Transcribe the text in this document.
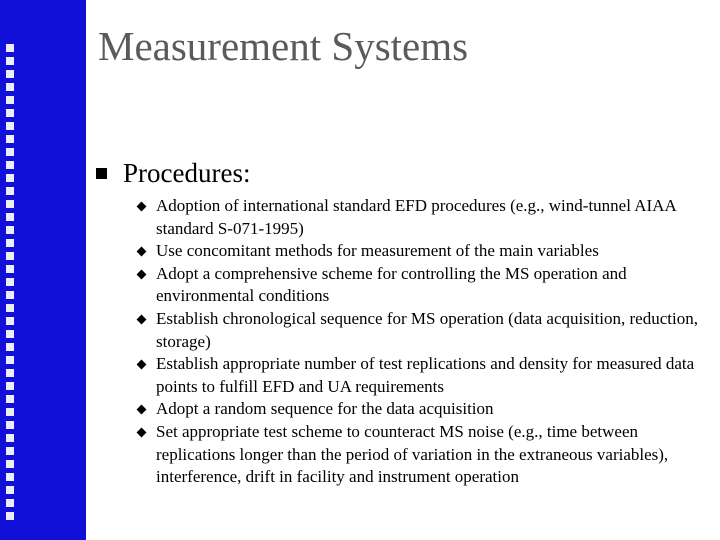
Measurement Systems
Procedures:
Adoption of international standard EFD procedures (e.g., wind-tunnel AIAA standard S-071-1995)
Use concomitant methods for measurement of the main variables
Adopt a comprehensive scheme for controlling the MS operation and environmental conditions
Establish chronological sequence for MS operation (data acquisition, reduction, storage)
Establish appropriate number of test replications and density for measured data points to fulfill EFD and UA requirements
Adopt a random sequence for the data acquisition
Set appropriate test scheme to counteract MS noise (e.g., time between replications longer than the period of variation in the extraneous variables), interference, drift in facility and instrument operation
